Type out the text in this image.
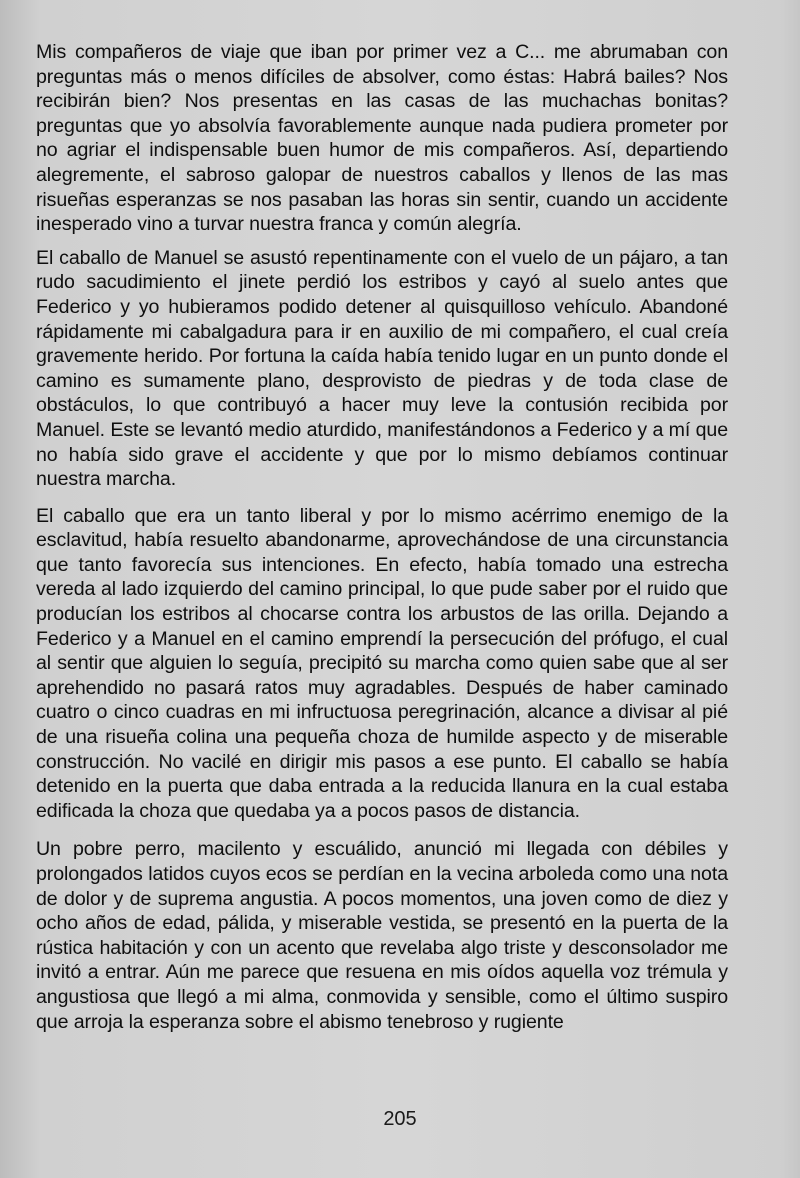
Mis compañeros de viaje que iban por primer vez a C... me abrumaban con preguntas más o menos difíciles de absolver, como éstas: Habrá bailes? Nos recibirán bien? Nos presentas en las casas de las muchachas bonitas? preguntas que yo absolvía favorablemente aunque nada pudiera prometer por no agriar el indispensable buen humor de mis compañeros. Así, departiendo alegremente, el sabroso galopar de nuestros caballos y llenos de las mas risueñas esperanzas se nos pasaban las horas sin sentir, cuando un accidente inesperado vino a turvar nuestra franca y común alegría.

El caballo de Manuel se asustó repentinamente con el vuelo de un pájaro, a tan rudo sacudimiento el jinete perdió los estribos y cayó al suelo antes que Federico y yo hubieramos podido detener al quisquilloso vehículo. Abandoné rápidamente mi cabalgadura para ir en auxilio de mi compañero, el cual creía gravemente herido. Por fortuna la caída había tenido lugar en un punto donde el camino es sumamente plano, desprovisto de piedras y de toda clase de obstáculos, lo que contribuyó a hacer muy leve la contusión recibida por Manuel. Este se levantó medio aturdido, manifestándonos a Federico y a mí que no había sido grave el accidente y que por lo mismo debíamos continuar nuestra marcha.

El caballo que era un tanto liberal y por lo mismo acérrimo enemigo de la esclavitud, había resuelto abandonarme, aprovechándose de una circunstancia que tanto favorecía sus intenciones. En efecto, había tomado una estrecha vereda al lado izquierdo del camino principal, lo que pude saber por el ruido que producían los estribos al chocarse contra los arbustos de las orilla. Dejando a Federico y a Manuel en el camino emprendí la persecución del prófugo, el cual al sentir que alguien lo seguía, precipitó su marcha como quien sabe que al ser aprehendido no pasará ratos muy agradables. Después de haber caminado cuatro o cinco cuadras en mi infructuosa peregrinación, alcance a divisar al pié de una risueña colina una pequeña choza de humilde aspecto y de miserable construcción. No vacilé en dirigir mis pasos a ese punto. El caballo se había detenido en la puerta que daba entrada a la reducida llanura en la cual estaba edificada la choza que quedaba ya a pocos pasos de distancia.

Un pobre perro, macilento y escuálido, anunció mi llegada con débiles y prolongados latidos cuyos ecos se perdían en la vecina arboleda como una nota de dolor y de suprema angustia. A pocos momentos, una joven como de diez y ocho años de edad, pálida, y miserable vestida, se presentó en la puerta de la rústica habitación y con un acento que revelaba algo triste y desconsolador me invitó a entrar. Aún me parece que resuena en mis oídos aquella voz trémula y angustiosa que llegó a mi alma, conmovida y sensible, como el último suspiro que arroja la esperanza sobre el abismo tenebroso y rugiente

205
